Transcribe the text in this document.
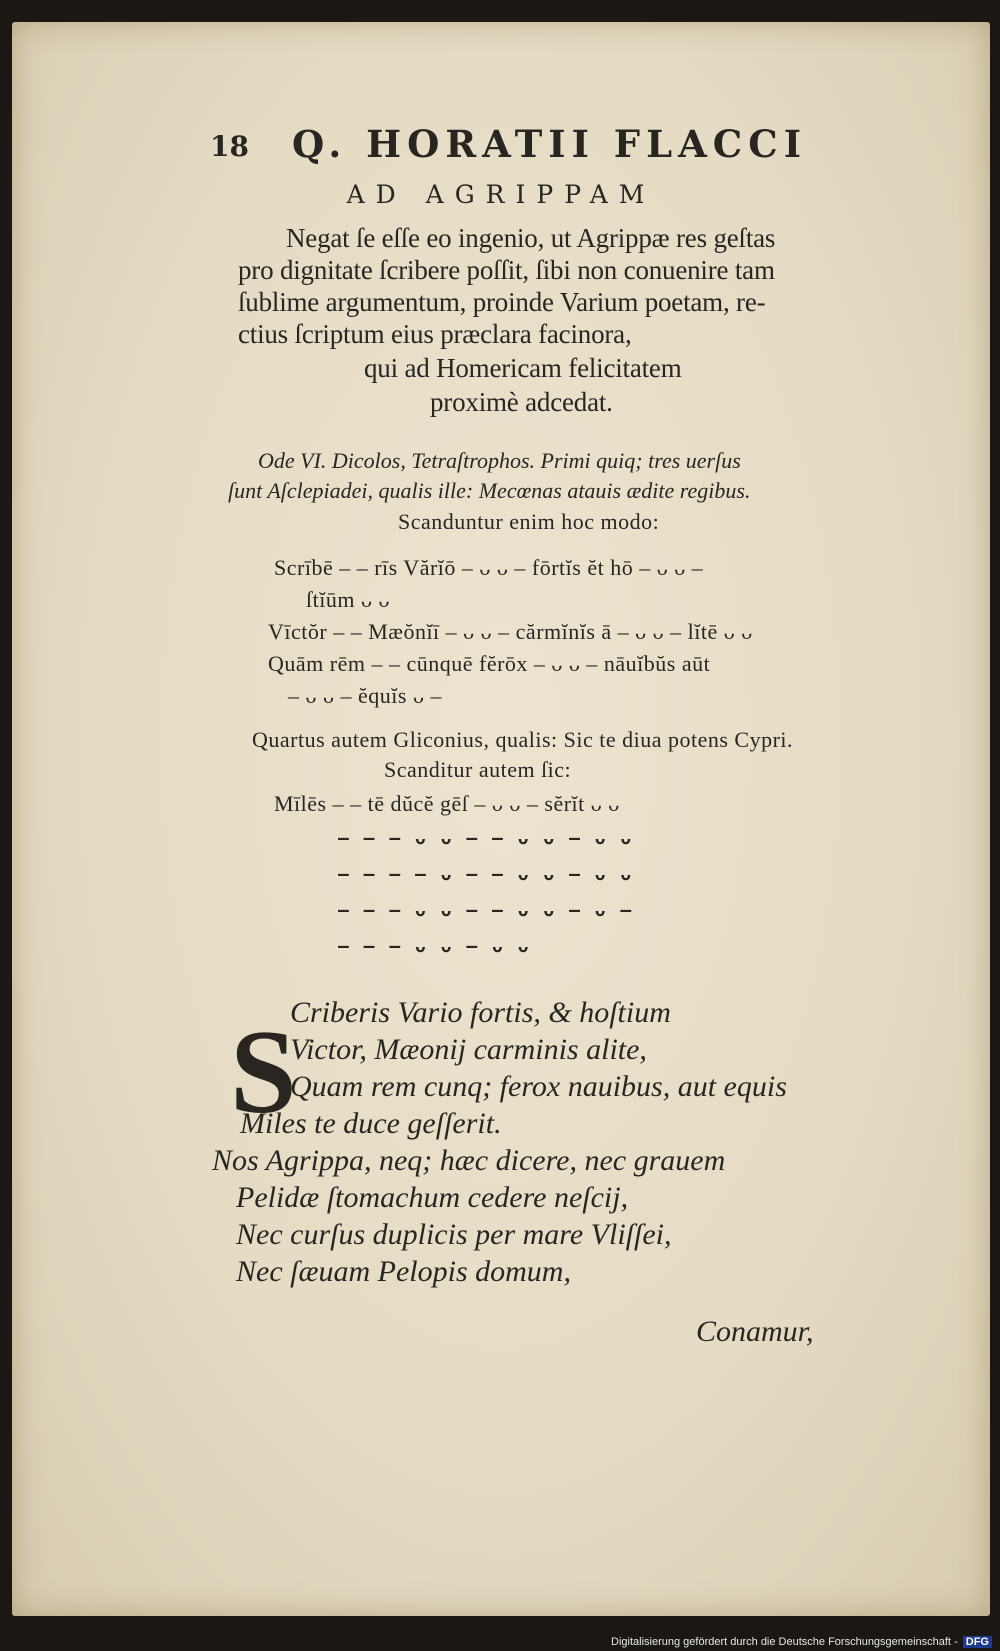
18 Q. HORATII FLACCI
AD AGRIPPAM
Negat ſe eſſe eo ingenio, ut Agrippæ res geſtas
pro dignitate ſcribere poſſit, ſibi non conuenire tam
ſublime argumentum, proinde Varium poetam, re-
ctius ſcriptum eius præclara facinora,
qui ad Homericam felicitatem
proximè adcedat.
Ode VI. Dicolos, Tetraſtrophos. Primi quiq; tres uerſus
ſunt Aſclepiadei, qualis ille: Mecœnas atauis ædite regibus.
Scanduntur enim hoc modo:
Scrībē – – rīs Vărĭō – ᴗ ᴗ – fōrtĭs ĕt hō – ᴗ ᴗ –
ſtĭūm ᴗ ᴗ
Vīctŏr – – Mæŏnĭī – ᴗ ᴗ – cărmĭnĭs ā – ᴗ ᴗ – lĭtē ᴗ ᴗ
Quām rēm – – cūnquē fĕrōx – ᴗ ᴗ – nāuĭbŭs aūt
– ᴗ ᴗ – ĕquĭs ᴗ –
Quartus autem Gliconius, qualis: Sic te diua potens Cypri.
Scanditur autem ſic:
Mīlēs – – tē dŭcĕ gēſ – ᴗ ᴗ – sĕrĭt ᴗ ᴗ
– – – ᴗ ᴗ – – ᴗ ᴗ – ᴗ ᴗ
– – – – ᴗ – – ᴗ ᴗ – ᴗ ᴗ
– – – ᴗ ᴗ – – ᴗ ᴗ – ᴗ –
– – – ᴗ ᴗ – ᴗ ᴗ
S
Criberis Vario fortis, & hoſtium
Victor, Mæonij carminis alite,
Quam rem cunq; ferox nauibus, aut equis
Miles te duce geſſerit.
Nos Agrippa, neq; hæc dicere, nec grauem
Pelidæ ſtomachum cedere neſcij,
Nec curſus duplicis per mare Vliſſei,
Nec ſæuam Pelopis domum,
Conamur,
Digitalisierung gefördert durch die Deutsche Forschungsgemeinschaft - DFG
